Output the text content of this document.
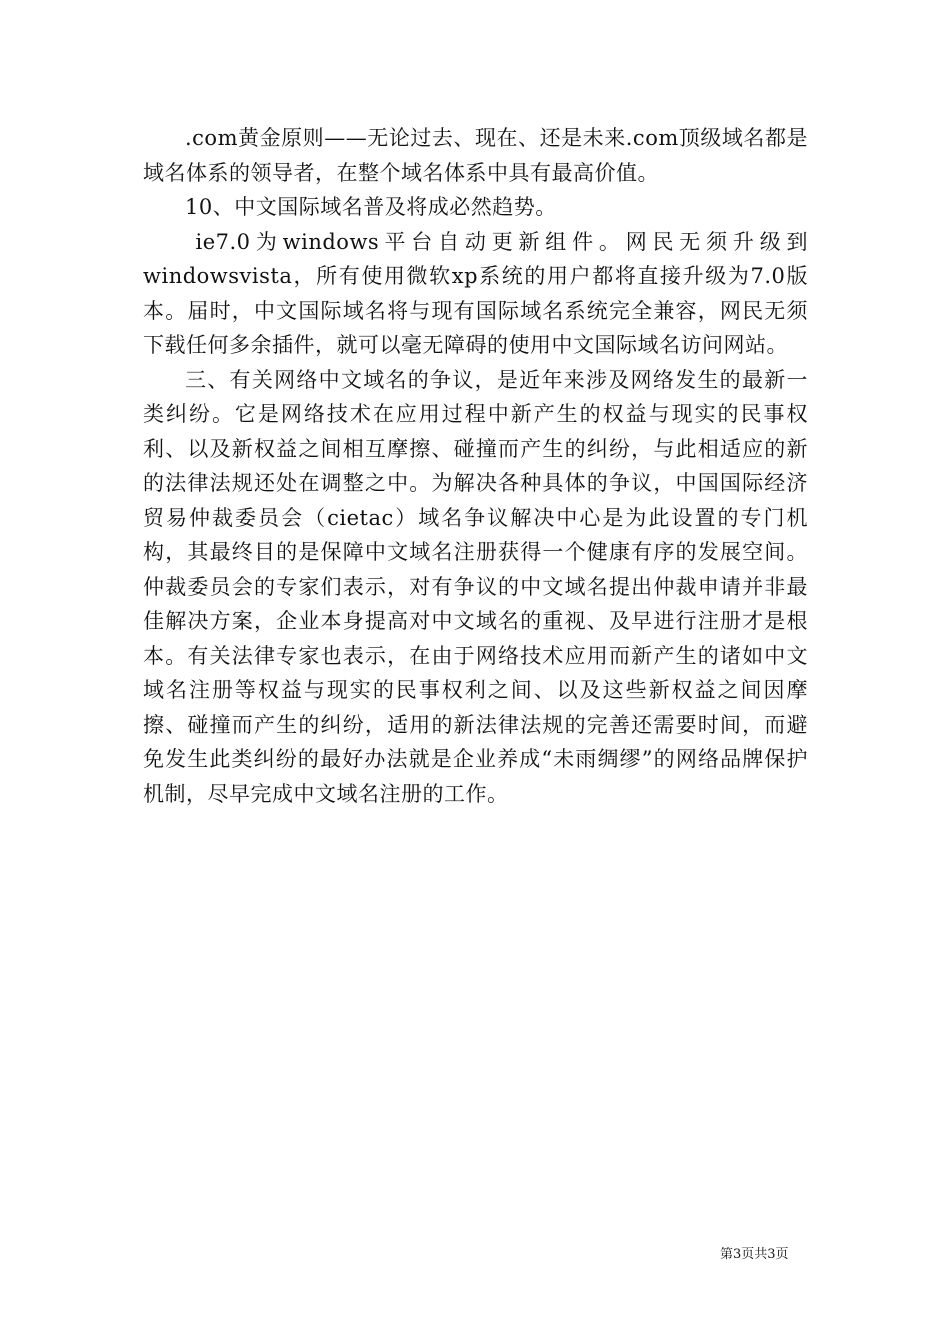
.com黄金原则——无论过去、现在、还是未来.com顶级域名都是域名体系的领导者，在整个域名体系中具有最高价值。

10、中文国际域名普及将成必然趋势。

ie7.0为windows平台自动更新组件。网民无须升级到windowsvista，所有使用微软xp系统的用户都将直接升级为7.0版本。届时，中文国际域名将与现有国际域名系统完全兼容，网民无须下载任何多余插件，就可以毫无障碍的使用中文国际域名访问网站。

三、有关网络中文域名的争议，是近年来涉及网络发生的最新一类纠纷。它是网络技术在应用过程中新产生的权益与现实的民事权利、以及新权益之间相互摩擦、碰撞而产生的纠纷，与此相适应的新的法律法规还处在调整之中。为解决各种具体的争议，中国国际经济贸易仲裁委员会（cietac）域名争议解决中心是为此设置的专门机构，其最终目的是保障中文域名注册获得一个健康有序的发展空间。仲裁委员会的专家们表示，对有争议的中文域名提出仲裁申请并非最佳解决方案，企业本身提高对中文域名的重视、及早进行注册才是根本。有关法律专家也表示，在由于网络技术应用而新产生的诸如中文域名注册等权益与现实的民事权利之间、以及这些新权益之间因摩擦、碰撞而产生的纠纷，适用的新法律法规的完善还需要时间，而避免发生此类纠纷的最好办法就是企业养成“未雨绸缪”的网络品牌保护机制，尽早完成中文域名注册的工作。

第3页共3页
